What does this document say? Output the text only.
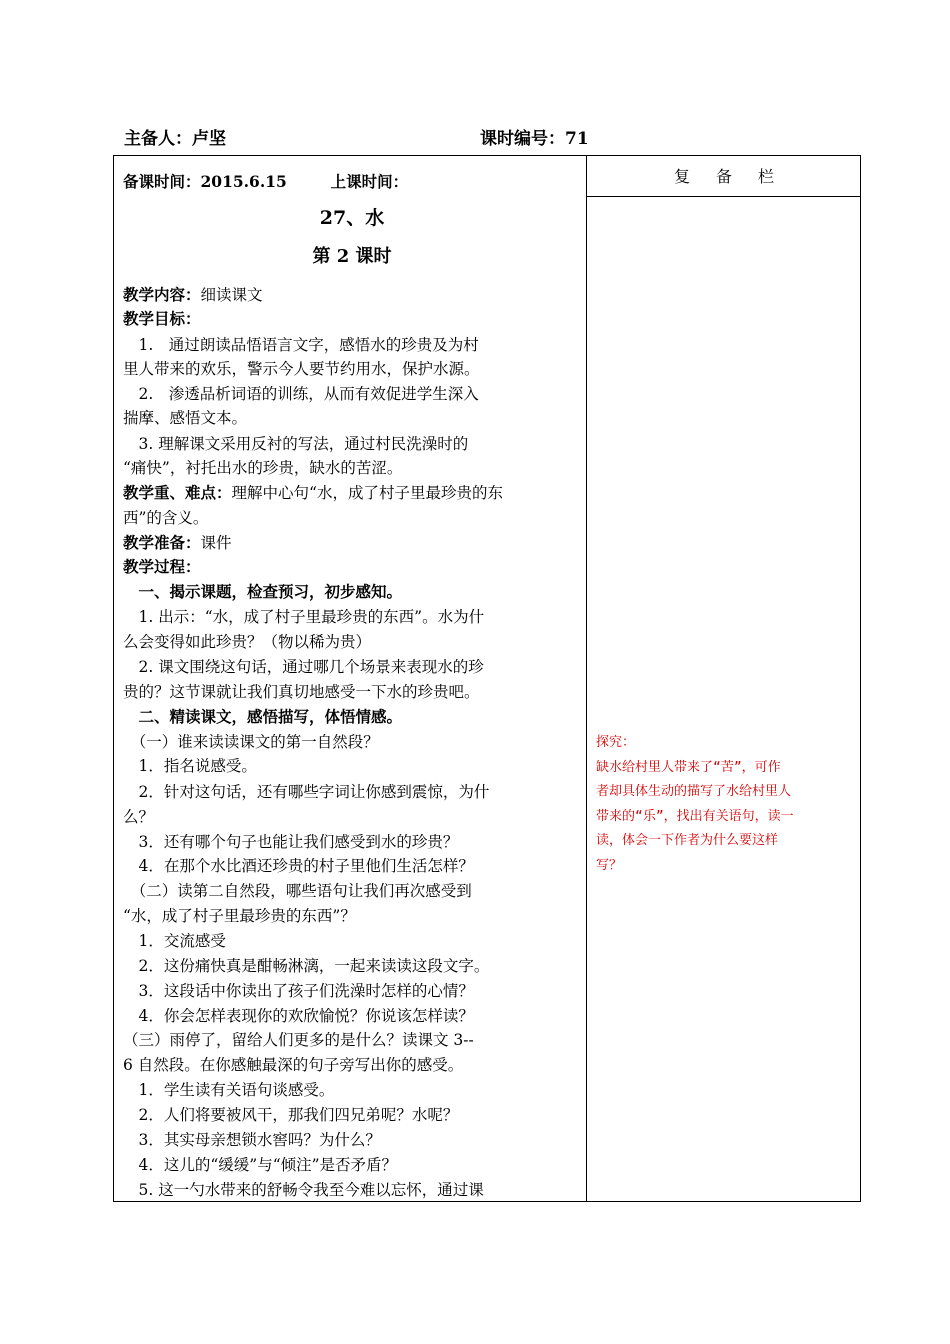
主备人：卢坚	课时编号：71
复备栏
备课时间：2015.6.15	上课时间：
27、水
第 2 课时
教学内容：细读课文
教学目标：
　1.　通过朗读品悟语言文字，感悟水的珍贵及为村
里人带来的欢乐，警示今人要节约用水，保护水源。
　2.　渗透品析词语的训练，从而有效促进学生深入
揣摩、感悟文本。
　3. 理解课文采用反衬的写法，通过村民洗澡时的
“痛快”，衬托出水的珍贵，缺水的苦涩。
教学重、难点：理解中心句“水，成了村子里最珍贵的东
西”的含义。
教学准备：课件
教学过程：
　一、揭示课题，检查预习，初步感知。
　1. 出示：“水，成了村子里最珍贵的东西”。水为什
么会变得如此珍贵？（物以稀为贵）
　2. 课文围绕这句话，通过哪几个场景来表现水的珍
贵的？这节课就让我们真切地感受一下水的珍贵吧。
　二、精读课文，感悟描写，体悟情感。
　（一）谁来读读课文的第一自然段？
　1．指名说感受。
　2．针对这句话，还有哪些字词让你感到震惊，为什
么？
　3．还有哪个句子也能让我们感受到水的珍贵？
　4．在那个水比酒还珍贵的村子里他们生活怎样？
　（二）读第二自然段，哪些语句让我们再次感受到
“水，成了村子里最珍贵的东西”？
　1．交流感受
　2．这份痛快真是酣畅淋漓，一起来读读这段文字。
　3．这段话中你读出了孩子们洗澡时怎样的心情？
　4．你会怎样表现你的欢欣愉悦？你说该怎样读？
（三）雨停了，留给人们更多的是什么？读课文 3--
6 自然段。在你感触最深的句子旁写出你的感受。
　1．学生读有关语句谈感受。
　2．人们将要被风干，那我们四兄弟呢？水呢？
　3．其实母亲想锁水窖吗？为什么？
　4．这儿的“缓缓”与“倾注”是否矛盾？
　5. 这一勺水带来的舒畅令我至今难以忘怀，通过课
探究：
缺水给村里人带来了“苦”，可作
者却具体生动的描写了水给村里人
带来的“乐”，找出有关语句，读一
读，体会一下作者为什么要这样
写？
